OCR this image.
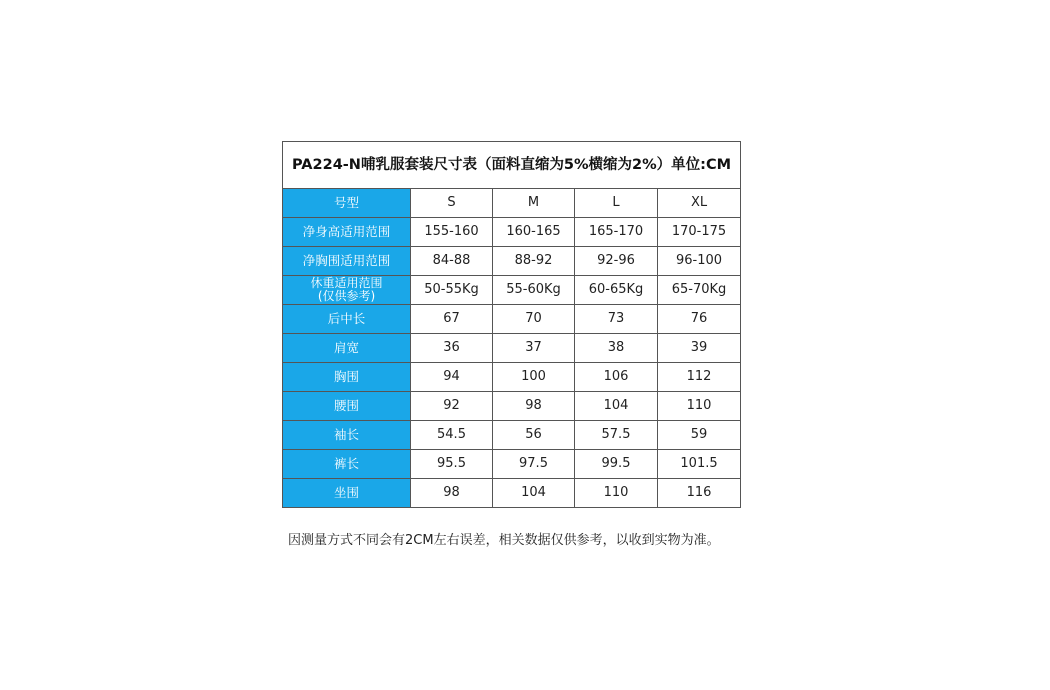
PA224-N哺乳服套装尺寸表（面料直缩为5%横缩为2%）单位:CM				
号型	S	M	L	XL
净身高适用范围	155-160	160-165	165-170	170-175
净胸围适用范围	84-88	88-92	92-96	96-100

休重适用范围
(仅供参考)	50-55Kg	55-60Kg	60-65Kg	65-70Kg
后中长	67	70	73	76
肩宽	36	37	38	39
胸围	94	100	106	112
腰围	92	98	104	110
袖长	54.5	56	57.5	59
裤长	95.5	97.5	99.5	101.5
坐围	98	104	110	116
因测量方式不同会有2CM左右误差，相关数据仅供参考，以收到实物为准。
